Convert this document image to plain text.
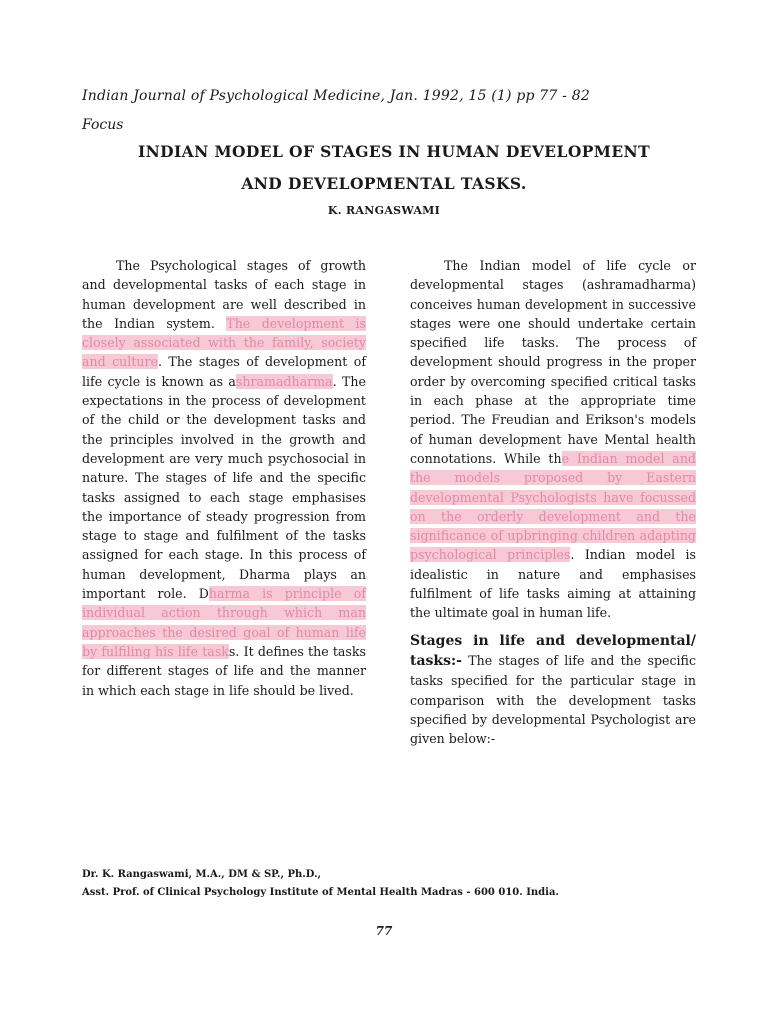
Indian Journal of Psychological Medicine, Jan. 1992, 15 (1) pp 77 - 82
Focus
INDIAN MODEL OF STAGES IN HUMAN DEVELOPMENT
AND DEVELOPMENTAL TASKS.
K. RANGASWAMI

The Psychological stages of growth and developmental tasks of each stage in human development are well described in the Indian system. The development is closely associated with the family, society and culture. The stages of development of life cycle is known as ashramadharma. The expectations in the process of development of the child or the development tasks and the principles involved in the growth and development are very much psychosocial in nature. The stages of life and the specific tasks assigned to each stage emphasises the importance of steady progression from stage to stage and fulfilment of the tasks assigned for each stage. In this process of human development, Dharma plays an important role. Dharma is principle of individual action through which man approaches the desired goal of human life by fulfiling his life tasks. It defines the tasks for different stages of life and the manner in which each stage in life should be lived.

The Indian model of life cycle or developmental stages (ashramadharma) conceives human development in successive stages were one should undertake certain specified life tasks. The process of development should progress in the proper order by overcoming specified critical tasks in each phase at the appropriate time period. The Freudian and Erikson's models of human development have Mental health connotations. While the Indian model and the models proposed by Eastern developmental Psychologists have focussed on the orderly development and the significance of upbringing children adapting psychological principles. Indian model is idealistic in nature and emphasises fulfilment of life tasks aiming at attaining the ultimate goal in human life.

Stages in life and developmental/ tasks:- The stages of life and the specific tasks specified for the particular stage in comparison with the development tasks specified by developmental Psychologist are given below:-

Dr. K. Rangaswami, M.A., DM & SP., Ph.D.,
Asst. Prof. of Clinical Psychology Institute of Mental Health Madras - 600 010. India.
77
